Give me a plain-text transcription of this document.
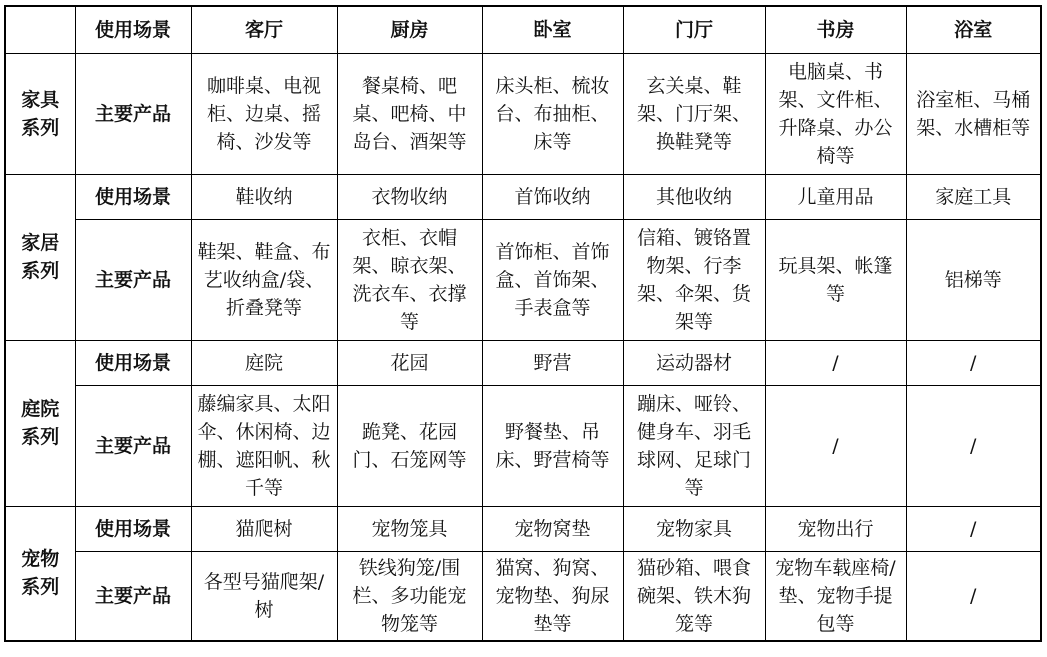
	使用场景	客厅	厨房	卧室	门厅	书房	浴室
家具系列	主要产品	咖啡桌、电视柜、边桌、摇椅、沙发等	餐桌椅、吧桌、吧椅、中岛台、酒架等	床头柜、梳妆台、布抽柜、床等	玄关桌、鞋架、门厅架、换鞋凳等	电脑桌、书架、文件柜、升降桌、办公椅等	浴室柜、马桶架、水槽柜等
家居系列	使用场景	鞋收纳	衣物收纳	首饰收纳	其他收纳	儿童用品	家庭工具
	主要产品	鞋架、鞋盒、布艺收纳盒/袋、折叠凳等	衣柜、衣帽架、晾衣架、洗衣车、衣撑等	首饰柜、首饰盒、首饰架、手表盒等	信箱、镀铬置物架、行李架、伞架、货架等	玩具架、帐篷等	铝梯等
庭院系列	使用场景	庭院	花园	野营	运动器材	/	/
	主要产品	藤编家具、太阳伞、休闲椅、边棚、遮阳帆、秋千等	跪凳、花园门、石笼网等	野餐垫、吊床、野营椅等	蹦床、哑铃、健身车、羽毛球网、足球门等	/	/
宠物系列	使用场景	猫爬树	宠物笼具	宠物窝垫	宠物家具	宠物出行	/
	主要产品	各型号猫爬架/树	铁线狗笼/围栏、多功能宠物笼等	猫窝、狗窝、宠物垫、狗尿垫等	猫砂箱、喂食碗架、铁木狗笼等	宠物车载座椅/垫、宠物手提包等	/
